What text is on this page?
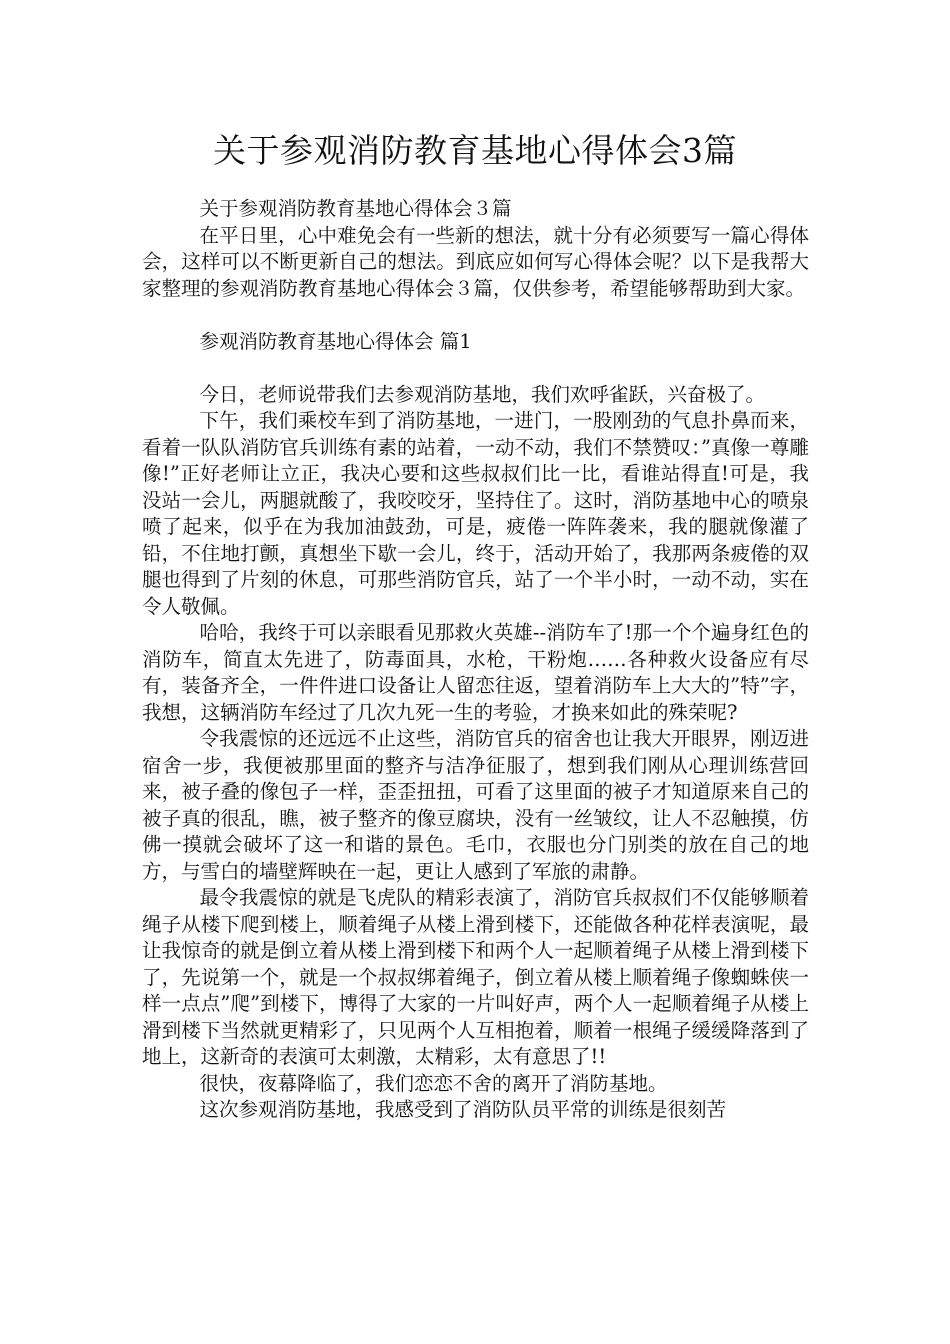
关于参观消防教育基地心得体会3篇

关于参观消防教育基地心得体会３篇

在平日里，心中难免会有一些新的想法，就十分有必须要写一篇心得体会，这样可以不断更新自己的想法。到底应如何写心得体会呢？以下是我帮大家整理的参观消防教育基地心得体会３篇，仅供参考，希望能够帮助到大家。

参观消防教育基地心得体会 篇1

今日，老师说带我们去参观消防基地，我们欢呼雀跃，兴奋极了。

下午，我们乘校车到了消防基地，一进门，一股刚劲的气息扑鼻而来，看着一队队消防官兵训练有素的站着，一动不动，我们不禁赞叹：”真像一尊雕像!”正好老师让立正，我决心要和这些叔叔们比一比，看谁站得直!可是，我没站一会儿，两腿就酸了，我咬咬牙，坚持住了。这时，消防基地中心的喷泉喷了起来，似乎在为我加油鼓劲，可是，疲倦一阵阵袭来，我的腿就像灌了铅，不住地打颤，真想坐下歇一会儿，终于，活动开始了，我那两条疲倦的双腿也得到了片刻的休息，可那些消防官兵，站了一个半小时，一动不动，实在令人敬佩。

哈哈，我终于可以亲眼看见那救火英雄--消防车了!那一个个遍身红色的消防车，简直太先进了，防毒面具，水枪，干粉炮……各种救火设备应有尽有，装备齐全，一件件进口设备让人留恋往返，望着消防车上大大的”特”字，我想，这辆消防车经过了几次九死一生的考验，才换来如此的殊荣呢?

令我震惊的还远远不止这些，消防官兵的宿舍也让我大开眼界，刚迈进宿舍一步，我便被那里面的整齐与洁净征服了，想到我们刚从心理训练营回来，被子叠的像包子一样，歪歪扭扭，可看了这里面的被子才知道原来自己的被子真的很乱，瞧，被子整齐的像豆腐块，没有一丝皱纹，让人不忍触摸，仿佛一摸就会破坏了这一和谐的景色。毛巾，衣服也分门别类的放在自己的地方，与雪白的墙壁辉映在一起，更让人感到了军旅的肃静。

最令我震惊的就是飞虎队的精彩表演了，消防官兵叔叔们不仅能够顺着绳子从楼下爬到楼上，顺着绳子从楼上滑到楼下，还能做各种花样表演呢，最让我惊奇的就是倒立着从楼上滑到楼下和两个人一起顺着绳子从楼上滑到楼下了，先说第一个，就是一个叔叔绑着绳子，倒立着从楼上顺着绳子像蜘蛛侠一样一点点”爬”到楼下，博得了大家的一片叫好声，两个人一起顺着绳子从楼上滑到楼下当然就更精彩了，只见两个人互相抱着，顺着一根绳子缓缓降落到了地上，这新奇的表演可太刺激，太精彩，太有意思了!!

很快，夜幕降临了，我们恋恋不舍的离开了消防基地。

这次参观消防基地，我感受到了消防队员平常的训练是很刻苦
